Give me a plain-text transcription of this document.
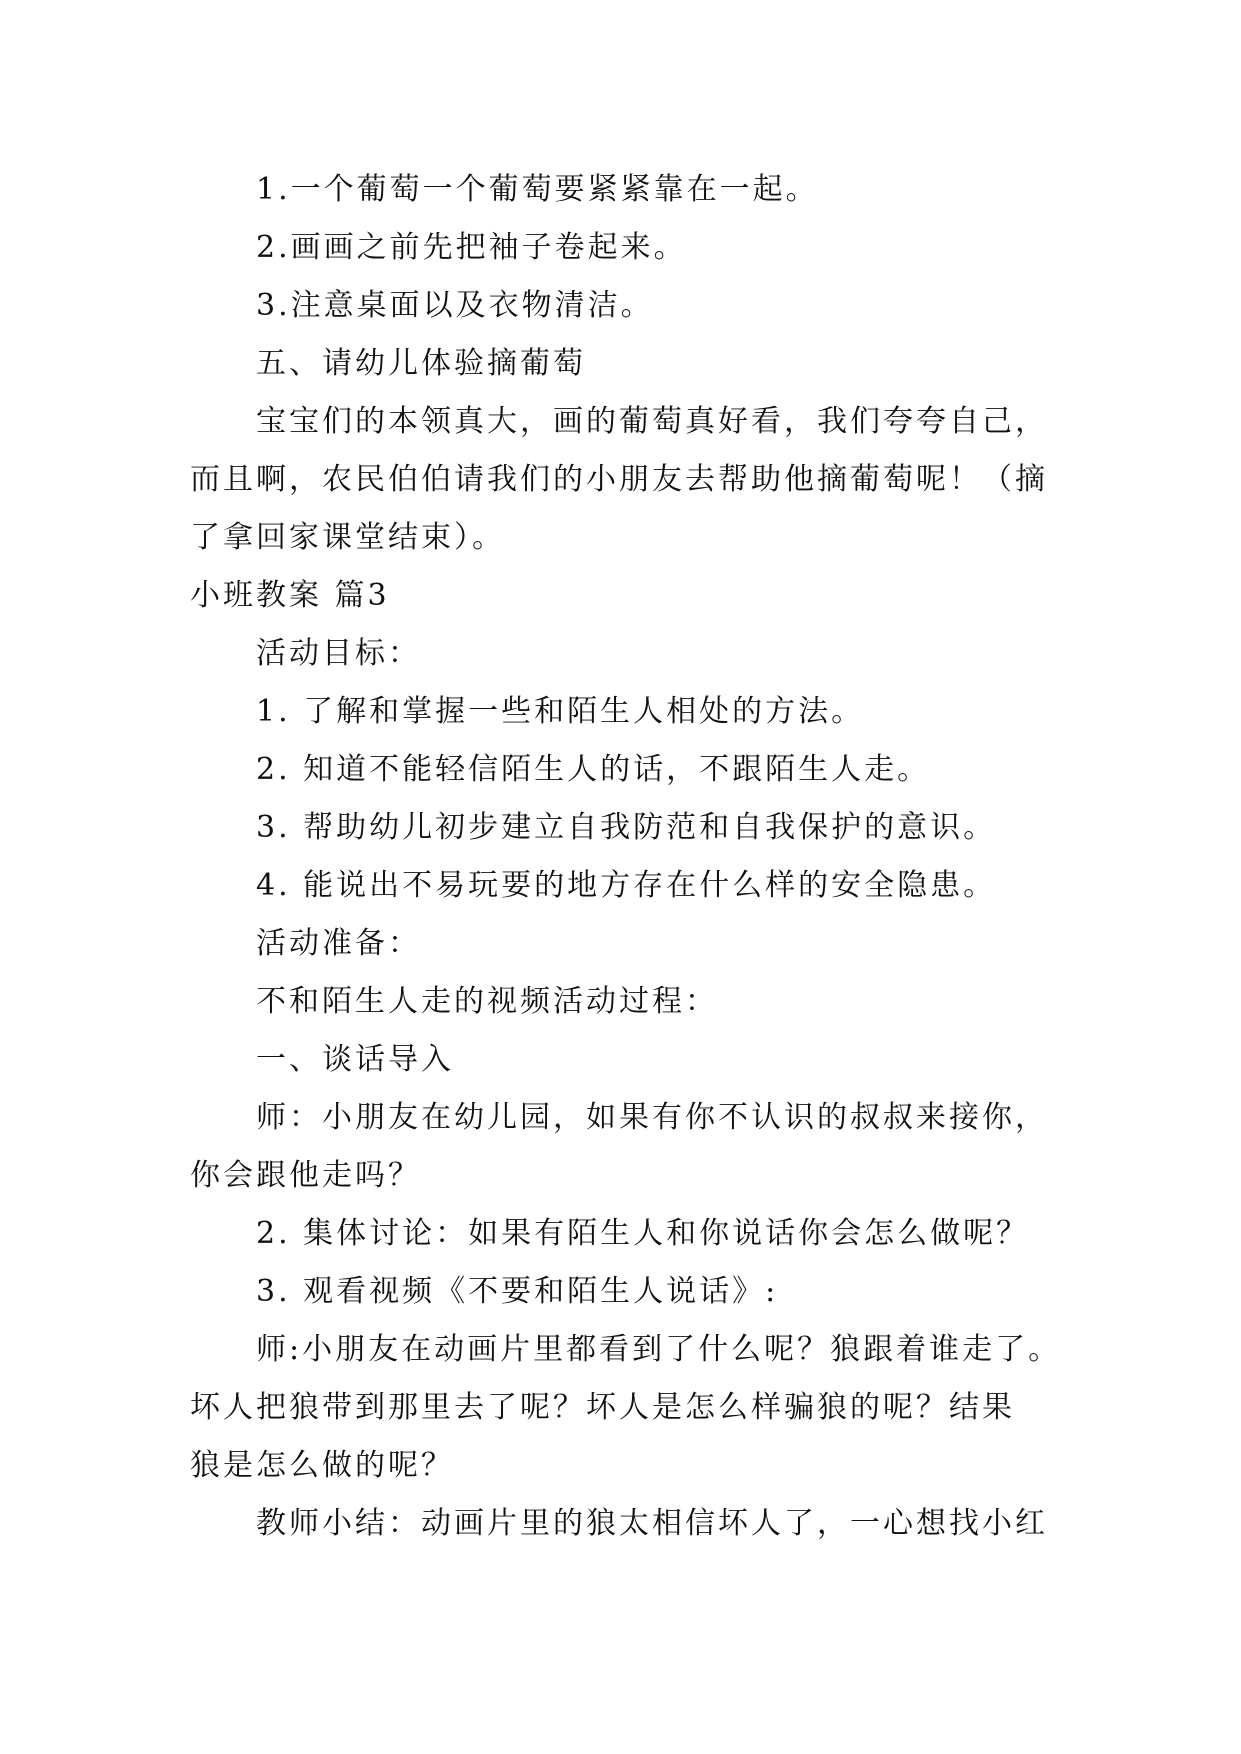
1.一个葡萄一个葡萄要紧紧靠在一起。
2.画画之前先把袖子卷起来。
3.注意桌面以及衣物清洁。
五、请幼儿体验摘葡萄
宝宝们的本领真大，画的葡萄真好看，我们夸夸自己，
而且啊，农民伯伯请我们的小朋友去帮助他摘葡萄呢！（摘
了拿回家课堂结束）。
小班教案 篇3
活动目标：
1. 了解和掌握一些和陌生人相处的方法。
2. 知道不能轻信陌生人的话，不跟陌生人走。
3. 帮助幼儿初步建立自我防范和自我保护的意识。
4. 能说出不易玩要的地方存在什么样的安全隐患。
活动准备：
不和陌生人走的视频活动过程：
一、谈话导入
师：小朋友在幼儿园，如果有你不认识的叔叔来接你，
你会跟他走吗？
2. 集体讨论：如果有陌生人和你说话你会怎么做呢？
3. 观看视频《不要和陌生人说话》:
师:小朋友在动画片里都看到了什么呢？狼跟着谁走了。
坏人把狼带到那里去了呢？坏人是怎么样骗狼的呢？结果
狼是怎么做的呢？
教师小结：动画片里的狼太相信坏人了，一心想找小红
